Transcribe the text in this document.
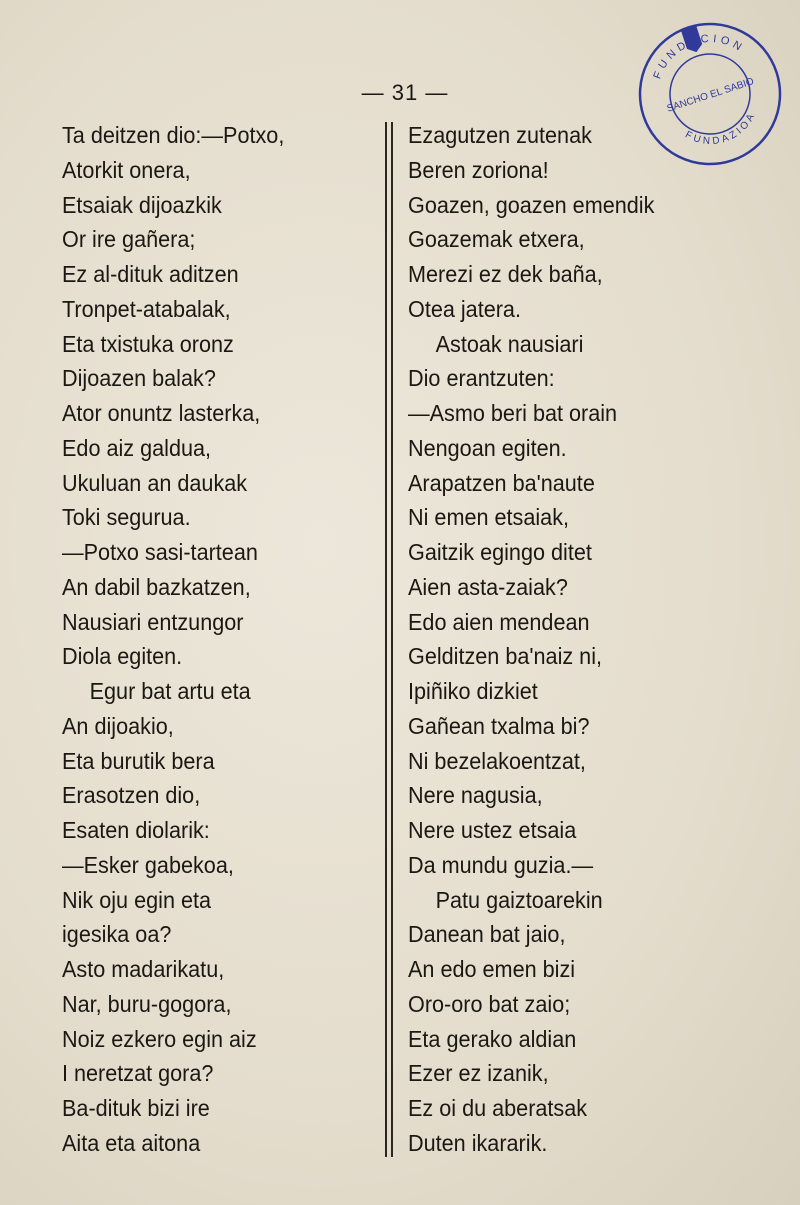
— 31 —
FUNDACION
SANCHO EL SABIO
FUNDAZIOA
Ta deitzen dio:—Potxo,
Atorkit onera,
Etsaiak dijoazkik
Or ire gañera;
Ez al-dituk aditzen
Tronpet-atabalak,
Eta txistuka oronz
Dijoazen balak?
Ator onuntz lasterka,
Edo aiz galdua,
Ukuluan an daukak
Toki segurua.
—Potxo sasi-tartean
An dabil bazkatzen,
Nausiari entzungor
Diola egiten.
Egur bat artu eta
An dijoakio,
Eta burutik bera
Erasotzen dio,
Esaten diolarik:
—Esker gabekoa,
Nik oju egin eta
igesika oa?
Asto madarikatu,
Nar, buru-gogora,
Noiz ezkero egin aiz
I neretzat gora?
Ba-dituk bizi ire
Aita eta aitona
Ezagutzen zutenak
Beren zoriona!
Goazen, goazen emendik
Goazemak etxera,
Merezi ez dek baña,
Otea jatera.
Astoak nausiari
Dio erantzuten:
—Asmo beri bat orain
Nengoan egiten.
Arapatzen ba'naute
Ni emen etsaiak,
Gaitzik egingo ditet
Aien asta-zaiak?
Edo aien mendean
Gelditzen ba'naiz ni,
Ipiñiko dizkiet
Gañean txalma bi?
Ni bezelakoentzat,
Nere nagusia,
Nere ustez etsaia
Da mundu guzia.—
Patu gaiztoarekin
Danean bat jaio,
An edo emen bizi
Oro-oro bat zaio;
Eta gerako aldian
Ezer ez izanik,
Ez oi du aberatsak
Duten ikararik.
